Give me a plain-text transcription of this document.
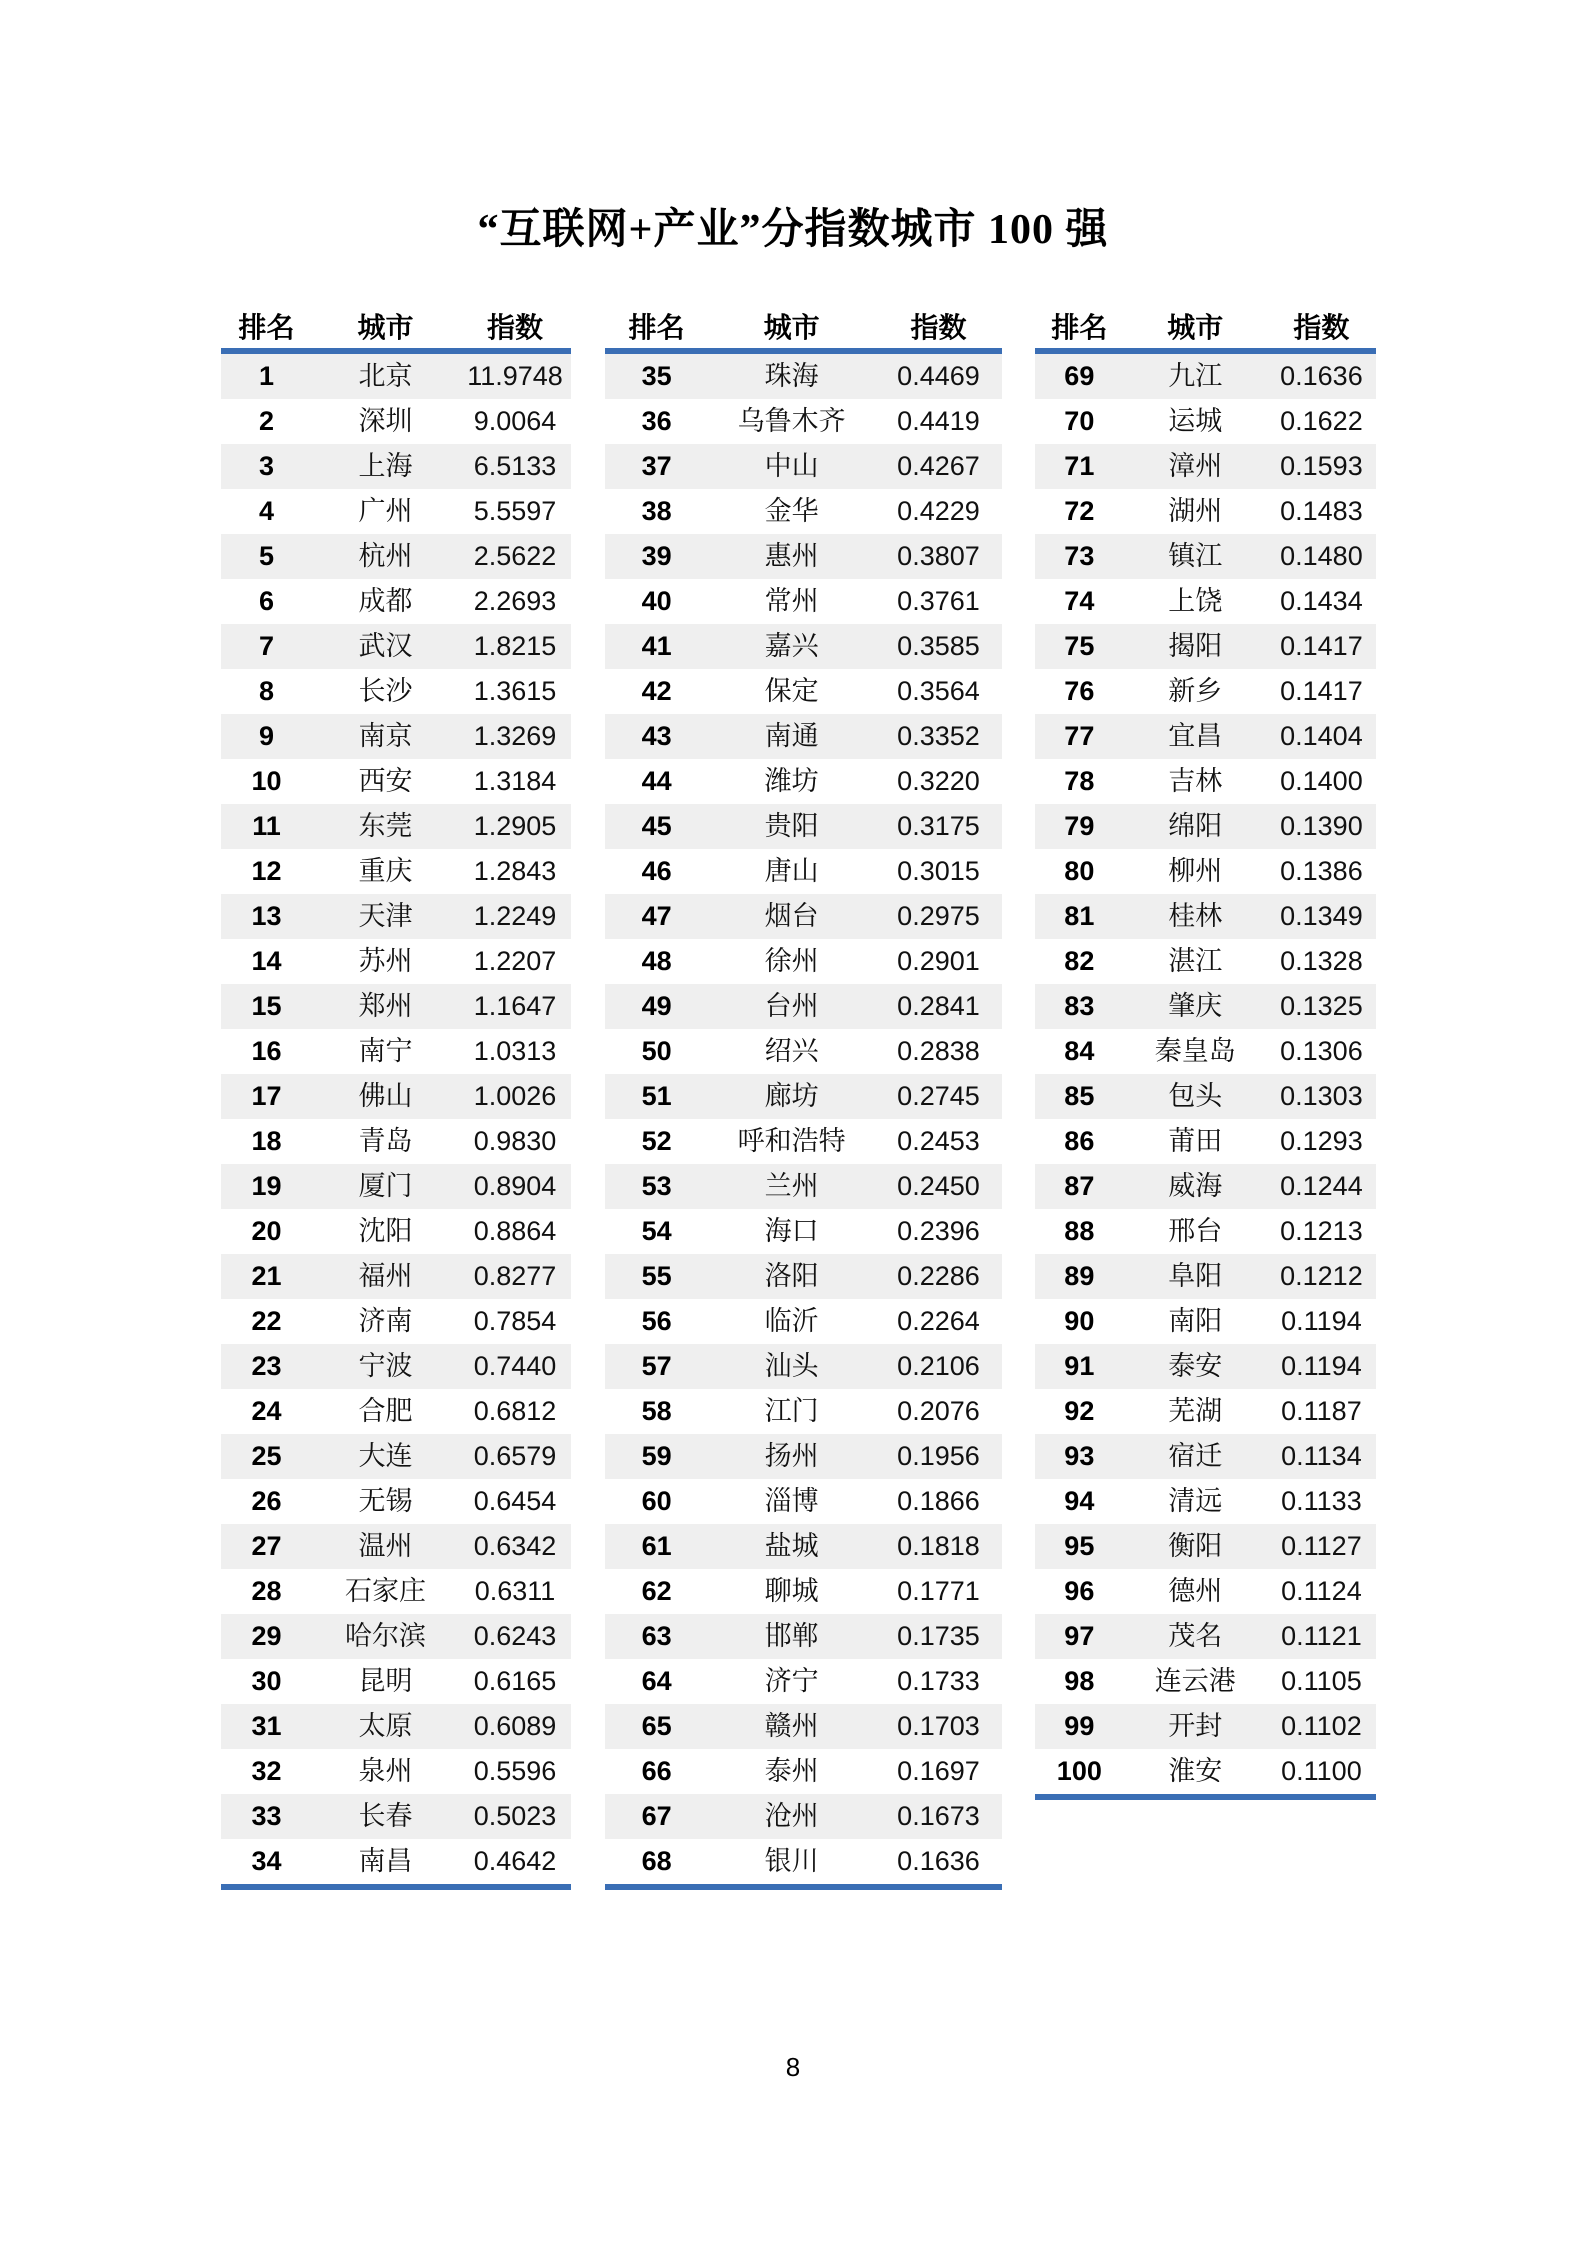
“互联网+产业”分指数城市 100 强
排名	城市	指数
1	北京	11.9748
2	深圳	9.0064
3	上海	6.5133
4	广州	5.5597
5	杭州	2.5622
6	成都	2.2693
7	武汉	1.8215
8	长沙	1.3615
9	南京	1.3269
10	西安	1.3184
11	东莞	1.2905
12	重庆	1.2843
13	天津	1.2249
14	苏州	1.2207
15	郑州	1.1647
16	南宁	1.0313
17	佛山	1.0026
18	青岛	0.9830
19	厦门	0.8904
20	沈阳	0.8864
21	福州	0.8277
22	济南	0.7854
23	宁波	0.7440
24	合肥	0.6812
25	大连	0.6579
26	无锡	0.6454
27	温州	0.6342
28	石家庄	0.6311
29	哈尔滨	0.6243
30	昆明	0.6165
31	太原	0.6089
32	泉州	0.5596
33	长春	0.5023
34	南昌	0.4642
排名	城市	指数
35	珠海	0.4469
36	乌鲁木齐	0.4419
37	中山	0.4267
38	金华	0.4229
39	惠州	0.3807
40	常州	0.3761
41	嘉兴	0.3585
42	保定	0.3564
43	南通	0.3352
44	潍坊	0.3220
45	贵阳	0.3175
46	唐山	0.3015
47	烟台	0.2975
48	徐州	0.2901
49	台州	0.2841
50	绍兴	0.2838
51	廊坊	0.2745
52	呼和浩特	0.2453
53	兰州	0.2450
54	海口	0.2396
55	洛阳	0.2286
56	临沂	0.2264
57	汕头	0.2106
58	江门	0.2076
59	扬州	0.1956
60	淄博	0.1866
61	盐城	0.1818
62	聊城	0.1771
63	邯郸	0.1735
64	济宁	0.1733
65	赣州	0.1703
66	泰州	0.1697
67	沧州	0.1673
68	银川	0.1636
排名	城市	指数
69	九江	0.1636
70	运城	0.1622
71	漳州	0.1593
72	湖州	0.1483
73	镇江	0.1480
74	上饶	0.1434
75	揭阳	0.1417
76	新乡	0.1417
77	宜昌	0.1404
78	吉林	0.1400
79	绵阳	0.1390
80	柳州	0.1386
81	桂林	0.1349
82	湛江	0.1328
83	肇庆	0.1325
84	秦皇岛	0.1306
85	包头	0.1303
86	莆田	0.1293
87	威海	0.1244
88	邢台	0.1213
89	阜阳	0.1212
90	南阳	0.1194
91	泰安	0.1194
92	芜湖	0.1187
93	宿迁	0.1134
94	清远	0.1133
95	衡阳	0.1127
96	德州	0.1124
97	茂名	0.1121
98	连云港	0.1105
99	开封	0.1102
100	淮安	0.1100
8
